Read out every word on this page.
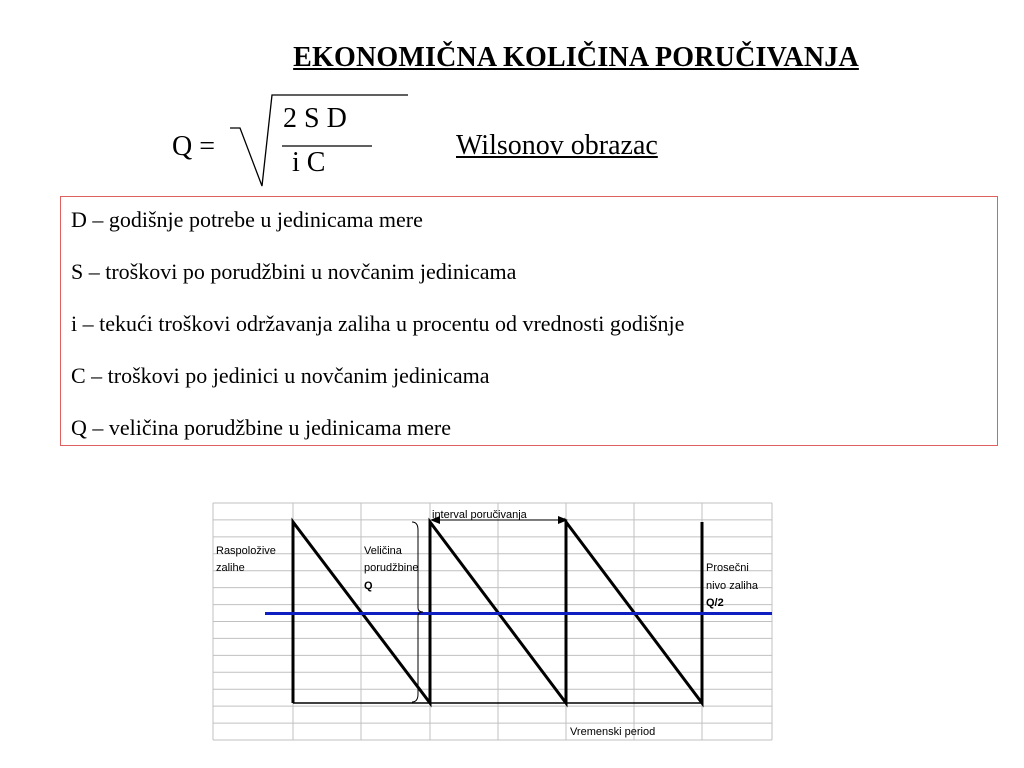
EKONOMIČNA KOLIČINA PORUČIVANJA
Q =
2 S D
i C
Wilsonov obrazac
D – godišnje potrebe u jedinicama mere
S – troškovi po porudžbini u novčanim jedinicama
i – tekući troškovi održavanja zaliha u procentu od vrednosti godišnje
C – troškovi po jedinici u novčanim jedinicama
Q – veličina porudžbine u jedinicama mere
Raspoložive
zalihe
Veličina
porudžbine
Q
interval poručivanja
Prosečni
nivo zaliha
Q/2
Vremenski period
